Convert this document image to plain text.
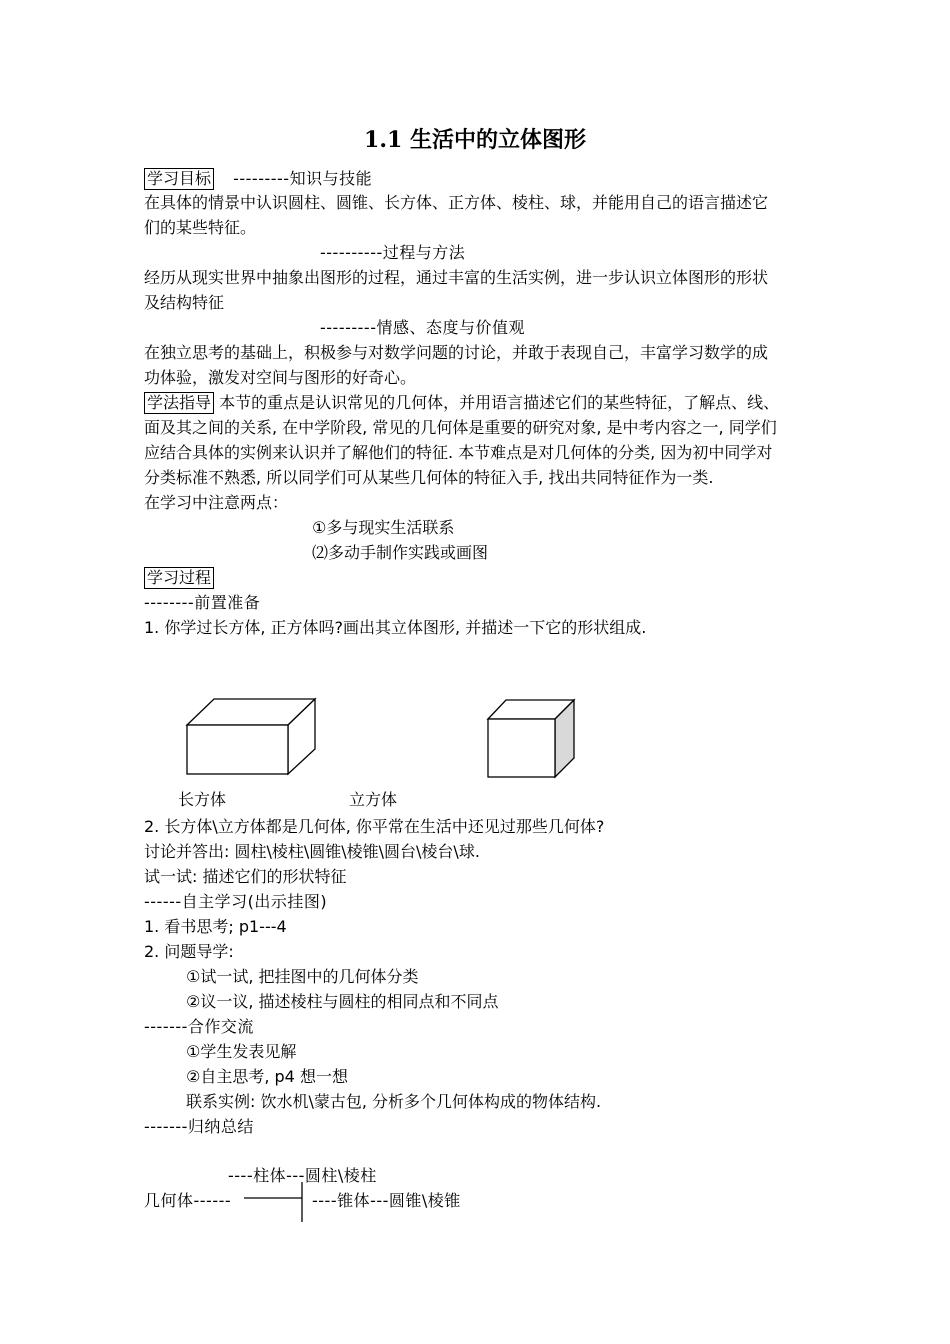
1.1 生活中的立体图形
学习目标 ---------知识与技能
在具体的情景中认识圆柱、圆锥、长方体、正方体、棱柱、球，并能用自己的语言描述它
们的某些特征。
----------过程与方法
经历从现实世界中抽象出图形的过程，通过丰富的生活实例，进一步认识立体图形的形状
及结构特征
---------情感、态度与价值观
在独立思考的基础上，积极参与对数学问题的讨论，并敢于表现自己，丰富学习数学的成
功体验，激发对空间与图形的好奇心。
学法指导 本节的重点是认识常见的几何体，并用语言描述它们的某些特征，了解点、线、
面及其之间的关系, 在中学阶段, 常见的几何体是重要的研究对象, 是中考内容之一, 同学们
应结合具体的实例来认识并了解他们的特征. 本节难点是对几何体的分类, 因为初中同学对
分类标准不熟悉, 所以同学们可从某些几何体的特征入手, 找出共同特征作为一类.
在学习中注意两点：
①多与现实生活联系
⑵多动手制作实践或画图
学习过程
--------前置准备
1. 你学过长方体, 正方体吗?画出其立体图形, 并描述一下它的形状组成.
长方体	立方体
2. 长方体\立方体都是几何体, 你平常在生活中还见过那些几何体?
讨论并答出: 圆柱\棱柱\圆锥\棱锥\圆台\棱台\球.
试一试: 描述它们的形状特征
------自主学习(出示挂图)
1. 看书思考; p1---4
2. 问题导学:
①试一试, 把挂图中的几何体分类
②议一议, 描述棱柱与圆柱的相同点和不同点
-------合作交流
①学生发表见解
②自主思考, p4 想一想
联系实例: 饮水机\蒙古包, 分析多个几何体构成的物体结构.
-------归纳总结
----柱体---圆柱\棱柱
几何体------	----锥体---圆锥\棱锥
